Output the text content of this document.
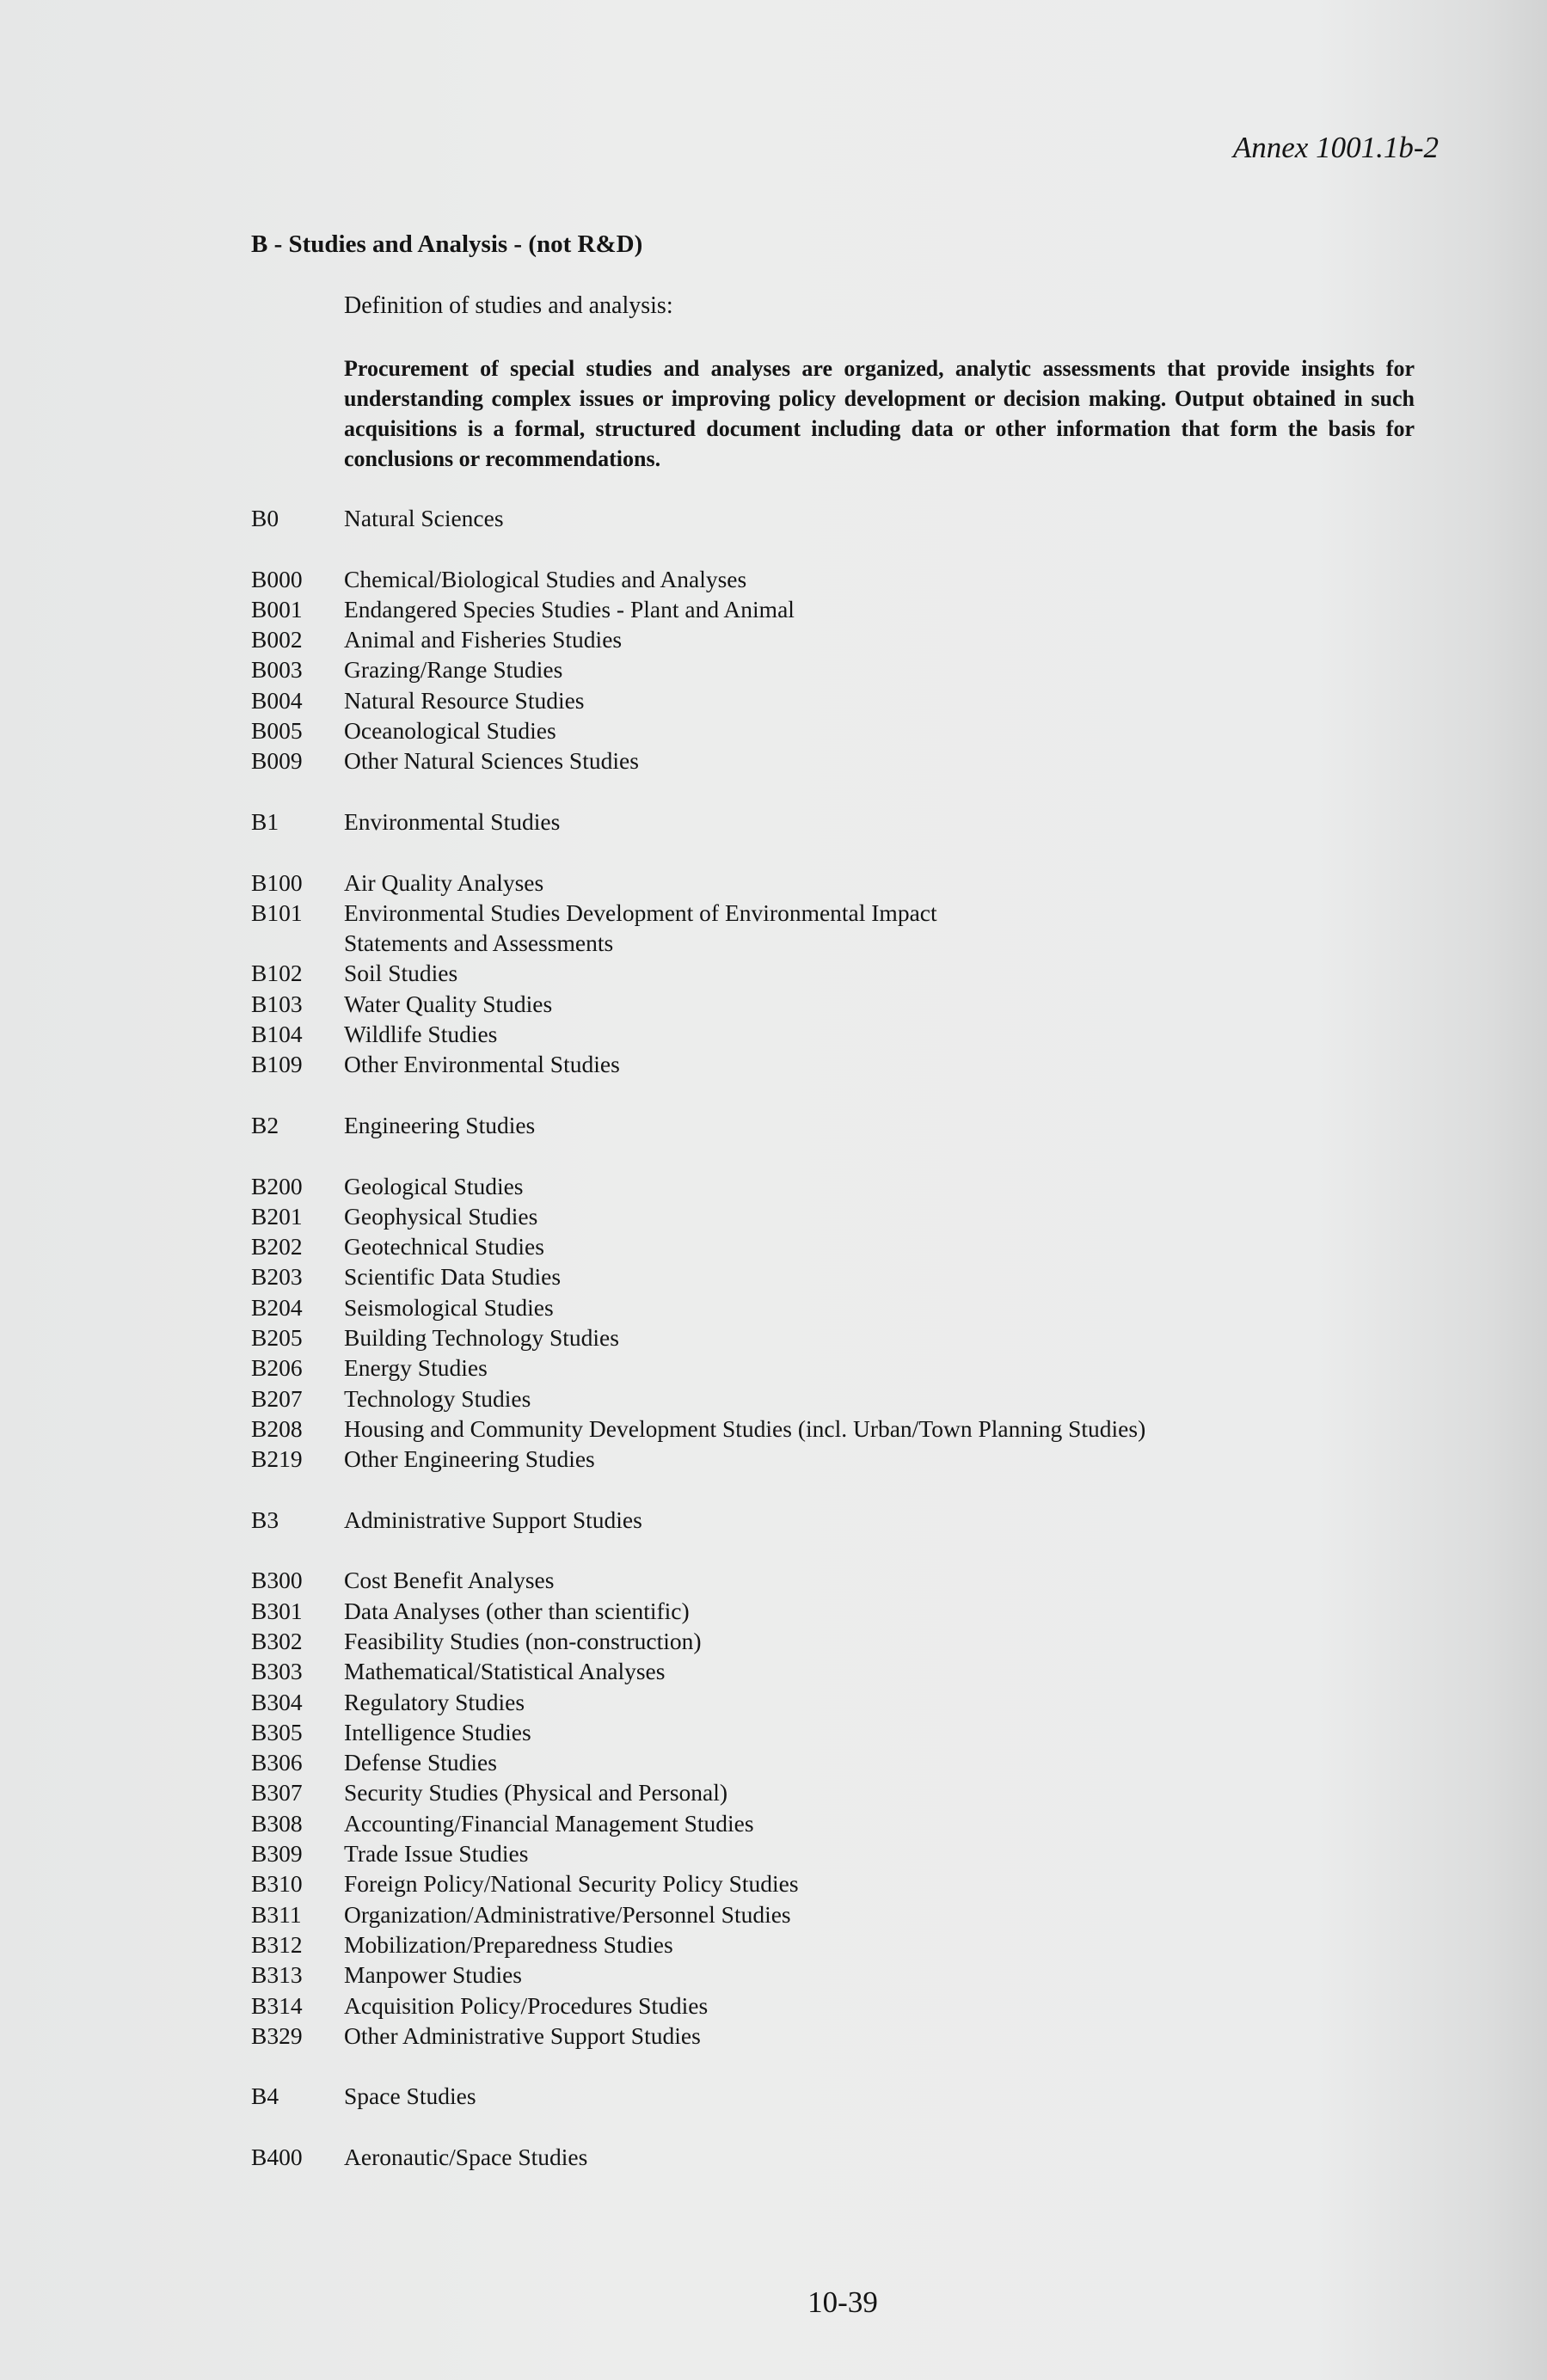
Annex 1001.1b-2
B - Studies and Analysis - (not R&D)
Definition of studies and analysis:
Procurement of special studies and analyses are organized, analytic assessments that provide insights for understanding complex issues or improving policy development or decision making. Output obtained in such acquisitions is a formal, structured document including data or other information that form the basis for conclusions or recommendations.
B0	Natural Sciences
B000	Chemical/Biological Studies and Analyses
B001	Endangered Species Studies - Plant and Animal
B002	Animal and Fisheries Studies
B003	Grazing/Range Studies
B004	Natural Resource Studies
B005	Oceanological Studies
B009	Other Natural Sciences Studies
B1	Environmental Studies
B100	Air Quality Analyses
B101	Environmental Studies Development of Environmental Impact
Statements and Assessments
B102	Soil Studies
B103	Water Quality Studies
B104	Wildlife Studies
B109	Other Environmental Studies
B2	Engineering Studies
B200	Geological Studies
B201	Geophysical Studies
B202	Geotechnical Studies
B203	Scientific Data Studies
B204	Seismological Studies
B205	Building Technology Studies
B206	Energy Studies
B207	Technology Studies
B208	Housing and Community Development Studies (incl. Urban/Town Planning Studies)
B219	Other Engineering Studies
B3	Administrative Support Studies
B300	Cost Benefit Analyses
B301	Data Analyses (other than scientific)
B302	Feasibility Studies (non-construction)
B303	Mathematical/Statistical Analyses
B304	Regulatory Studies
B305	Intelligence Studies
B306	Defense Studies
B307	Security Studies (Physical and Personal)
B308	Accounting/Financial Management Studies
B309	Trade Issue Studies
B310	Foreign Policy/National Security Policy Studies
B311	Organization/Administrative/Personnel Studies
B312	Mobilization/Preparedness Studies
B313	Manpower Studies
B314	Acquisition Policy/Procedures Studies
B329	Other Administrative Support Studies
B4	Space Studies
B400	Aeronautic/Space Studies
10-39
